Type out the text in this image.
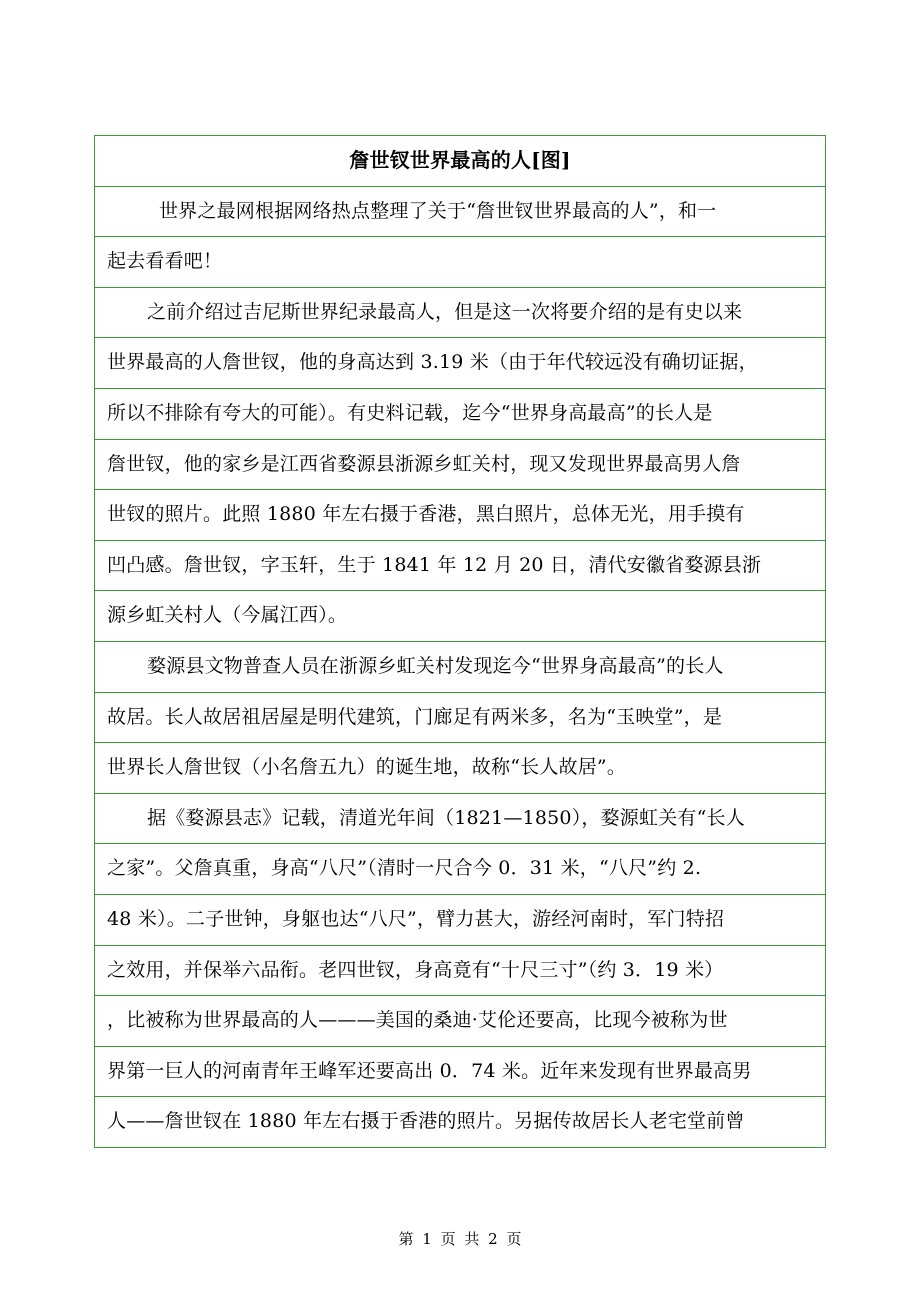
詹世钗世界最高的人[图]
世界之最网根据网络热点整理了关于“詹世钗世界最高的人”，和一
起去看看吧！
之前介绍过吉尼斯世界纪录最高人，但是这一次将要介绍的是有史以来
世界最高的人詹世钗，他的身高达到 3.19 米（由于年代较远没有确切证据，
所以不排除有夸大的可能）。有史料记载，迄今“世界身高最高”的长人是
詹世钗，他的家乡是江西省婺源县浙源乡虹关村，现又发现世界最高男人詹
世钗的照片。此照 1880 年左右摄于香港，黑白照片，总体无光，用手摸有
凹凸感。詹世钗，字玉轩，生于 1841 年 12 月 20 日，清代安徽省婺源县浙
源乡虹关村人（今属江西）。
婺源县文物普查人员在浙源乡虹关村发现迄今“世界身高最高”的长人
故居。长人故居祖居屋是明代建筑，门廊足有两米多，名为“玉映堂”，是
世界长人詹世钗（小名詹五九）的诞生地，故称“长人故居”。
据《婺源县志》记载，清道光年间（1821—1850），婺源虹关有“长人
之家”。父詹真重，身高“八尺”（清时一尺合今 0．31 米，“八尺”约 2.
48 米）。二子世钟，身躯也达“八尺”，臂力甚大，游经河南时，军门特招
之效用，并保举六品衔。老四世钗，身高竟有“十尺三寸”（约 3．19 米）
，比被称为世界最高的人———美国的桑迪·艾伦还要高，比现今被称为世
界第一巨人的河南青年王峰军还要高出 0．74 米。近年来发现有世界最高男
人——詹世钗在 1880 年左右摄于香港的照片。另据传故居长人老宅堂前曾
第 1 页 共 2 页
